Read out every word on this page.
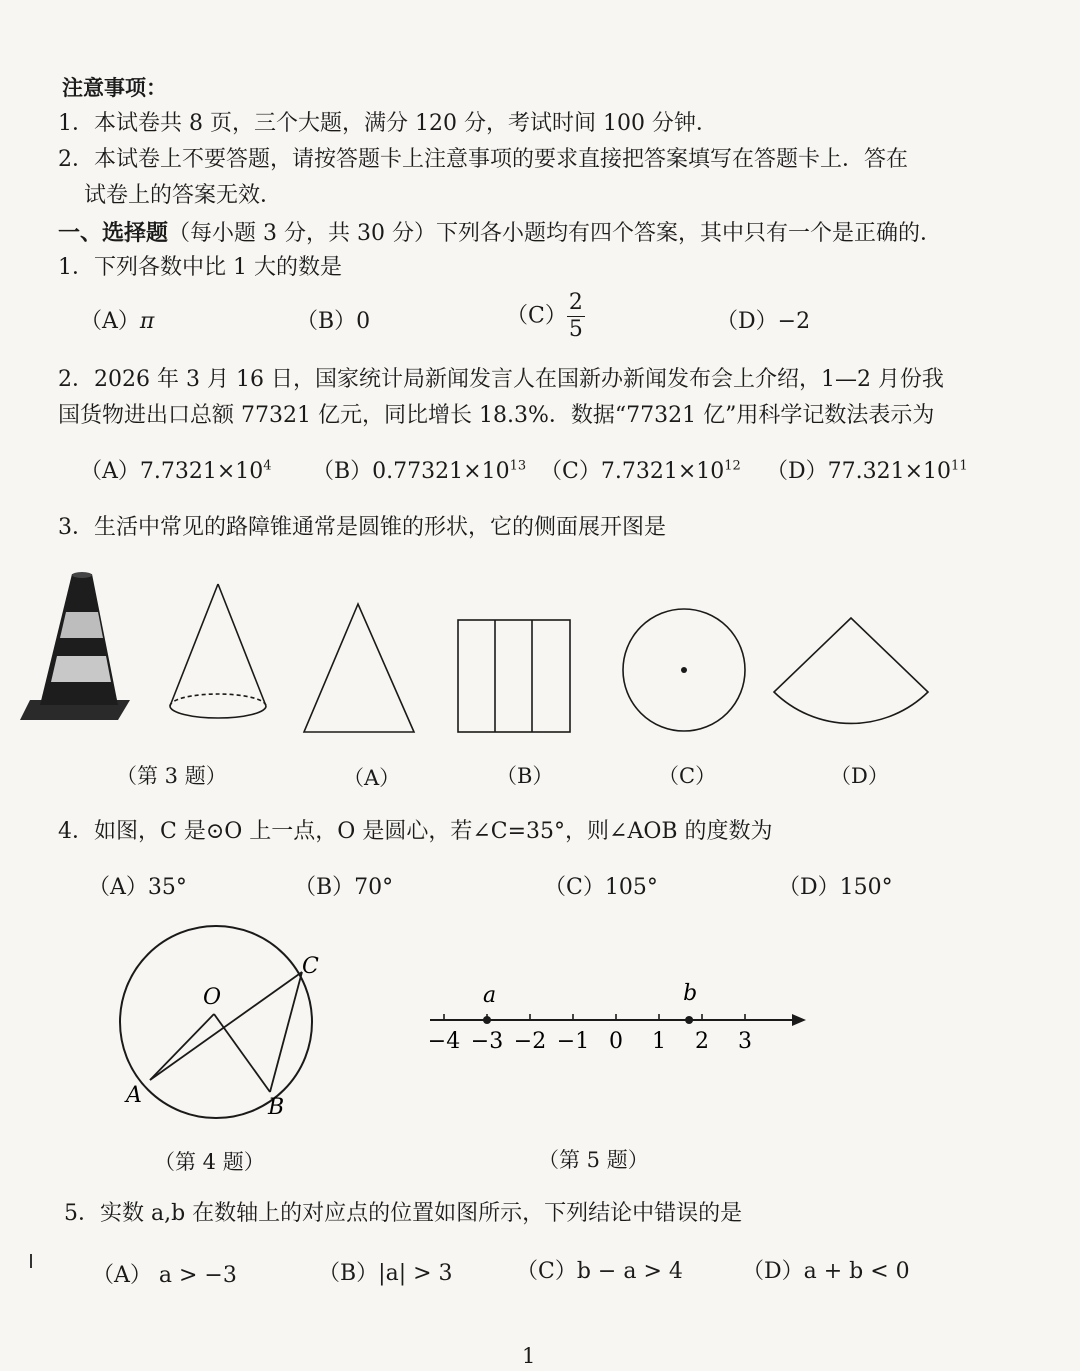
注意事项：
1．本试卷共 8 页，三个大题，满分 120 分，考试时间 100 分钟．
2．本试卷上不要答题，请按答题卡上注意事项的要求直接把答案填写在答题卡上．答在
试卷上的答案无效．
一、选择题（每小题 3 分，共 30 分）下列各小题均有四个答案，其中只有一个是正确的．
1．下列各数中比 1 大的数是
（A）π	（B）0	$(C) \frac{2}{5}$	（D）−2
2．2026 年 3 月 16 日，国家统计局新闻发言人在国新办新闻发布会上介绍，1—2 月份我
国货物进出口总额 77321 亿元，同比增长 18.3%．数据“77321 亿”用科学记数法表示为
$(A)7.7321\times 10^4$ $(B)0.77321\times 10^{13}$ $(C)7.7321\times 10^{12}$ $(D)77.321\times 10^{11}$
3．生活中常见的路障锥通常是圆锥的形状，它的侧面展开图是
（第 3 题）	（A）	（B）	（C）	（D）
4．如图，C 是⊙O 上一点，O 是圆心，若∠C=35°，则∠AOB 的度数为
（A）35°	（B）70°	（C）105°	（D）150°
O
A	B
C
−4 −3 −2 −1 0 1 2 3
a	b
（第 4 题）	（第 5 题）
5．实数 a,b 在数轴上的对应点的位置如图所示，下列结论中错误的是
（A） a > −3	（B）|a| > 3	（C）b − a > 4	（D）a + b < 0
1
